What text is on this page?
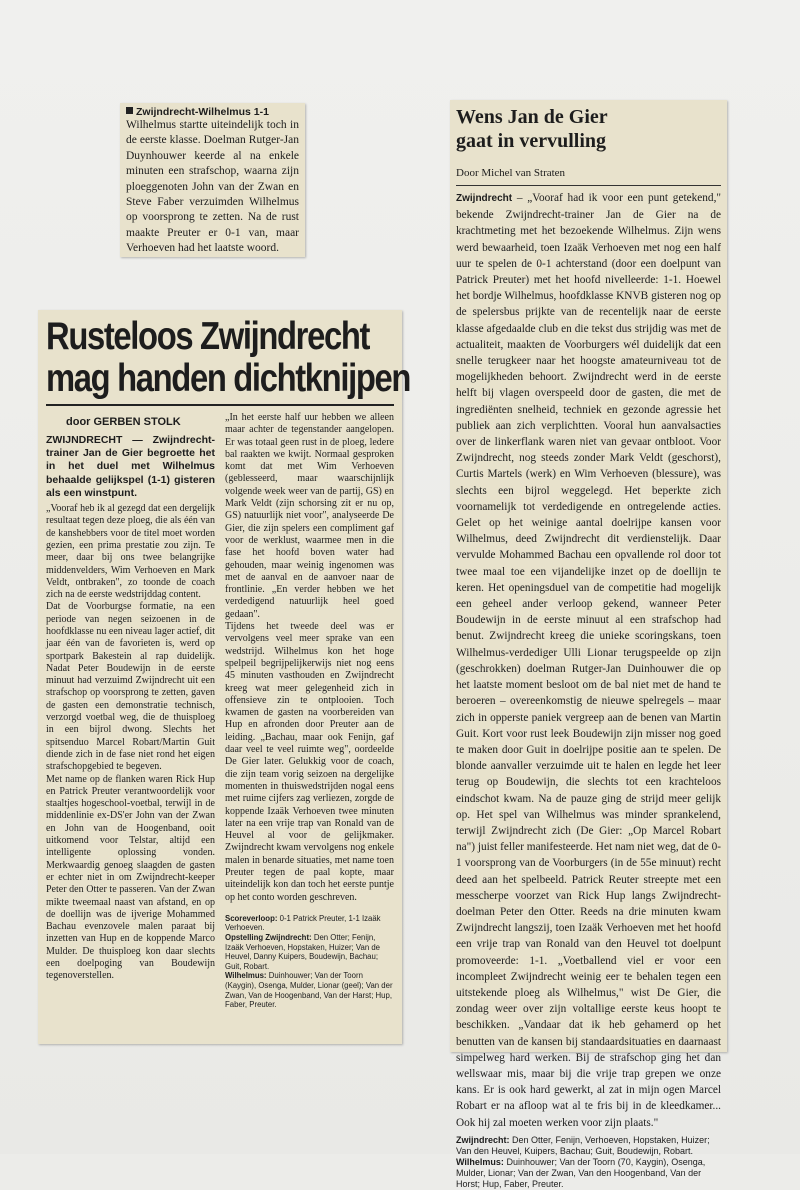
Zwijndrecht-Wilhelmus 1-1
Wilhelmus startte uiteindelijk toch in de eerste klasse. Doelman Rutger-Jan Duynhouwer keerde al na enkele minuten een strafschop, waarna zijn ploeggenoten John van der Zwan en Steve Faber verzuimden Wilhelmus op voorsprong te zetten. Na de rust maakte Preuter er 0-1 van, maar Verhoeven had het laatste woord.
Rusteloos Zwijndrecht
mag handen dichtknijpen
door GERBEN STOLK
ZWIJNDRECHT — Zwijndrecht-trainer Jan de Gier begroette het in het duel met Wilhelmus behaalde gelijkspel (1-1) gisteren als een winstpunt.

„Vooraf heb ik al gezegd dat een dergelijk resultaat tegen deze ploeg, die als één van de kanshebbers voor de titel moet worden gezien, een prima prestatie zou zijn. Te meer, daar bij ons twee belangrijke middenvelders, Wim Verhoeven en Mark Veldt, ontbraken", zo toonde de coach zich na de eerste wedstrijddag content.

Dat de Voorburgse formatie, na een periode van negen seizoenen in de hoofdklasse nu een niveau lager actief, dit jaar één van de favorieten is, werd op sportpark Bakestein al rap duidelijk. Nadat Peter Boudewijn in de eerste minuut had verzuimd Zwijndrecht uit een strafschop op voorsprong te zetten, gaven de gasten een demonstratie technisch, verzorgd voetbal weg, die de thuisploeg in een bijrol dwong. Slechts het spitsenduo Marcel Robart/Martin Guit diende zich in de fase niet rond het eigen strafschopgebied te begeven.

Met name op de flanken waren Rick Hup en Patrick Preuter verantwoordelijk voor staaltjes hogeschool-voetbal, terwijl in de middenlinie ex-DS'er John van der Zwan en John van de Hoogenband, ooit uitkomend voor Telstar, altijd een intelligente oplossing vonden. Merkwaardig genoeg slaagden de gasten er echter niet in om Zwijndrecht-keeper Peter den Otter te passeren. Van der Zwan mikte tweemaal naast van afstand, en op de doellijn was de ijverige Mohammed Bachau evenzovele malen paraat bij inzetten van Hup en de koppende Marco Mulder. De thuisploeg kon daar slechts een doelpoging van Boudewijn tegenoverstellen.

„In het eerste half uur hebben we alleen maar achter de tegenstander aangelopen. Er was totaal geen rust in de ploeg, ledere bal raakten we kwijt. Normaal gesproken komt dat met Wim Verhoeven (geblesseerd, maar waarschijnlijk volgende week weer van de partij, GS) en Mark Veldt (zijn schorsing zit er nu op, GS) natuurlijk niet voor", analyseerde De Gier, die zijn spelers een compliment gaf voor de werklust, waarmee men in die fase het hoofd boven water had gehouden, maar weinig ingenomen was met de aanval en de aanvoer naar de frontlinie. „En verder hebben we het verdedigend natuurlijk heel goed gedaan".

Tijdens het tweede deel was er vervolgens veel meer sprake van een wedstrijd. Wilhelmus kon het hoge spelpeil begrijpelijkerwijs niet nog eens 45 minuten vasthouden en Zwijndrecht kreeg wat meer gelegenheid zich in offensieve zin te ontplooien. Toch kwamen de gasten na voorbereiden van Hup en afronden door Preuter aan de leiding. „Bachau, maar ook Fenijn, gaf daar veel te veel ruimte weg", oordeelde De Gier later. Gelukkig voor de coach, die zijn team vorig seizoen na dergelijke momenten in thuiswedstrijden nogal eens met ruime cijfers zag verliezen, zorgde de koppende Izaäk Verhoeven twee minuten later na een vrije trap van Ronald van de Heuvel al voor de gelijkmaker. Zwijndrecht kwam vervolgens nog enkele malen in benarde situaties, met name toen Preuter tegen de paal kopte, maar uiteindelijk kon dan toch het eerste puntje op het conto worden geschreven.

Scoreverloop: 0-1 Patrick Preuter, 1-1 Izaäk Verhoeven.
Opstelling Zwijndrecht: Den Otter; Fenijn, Izaäk Verhoeven, Hopstaken, Huizer; Van de Heuvel, Danny Kuipers, Boudewijn, Bachau; Guit, Robart.
Wilhelmus: Duinhouwer; Van der Toorn (Kaygin), Osenga, Mulder, Lionar (geel); Van der Zwan, Van de Hoogenband, Van der Harst; Hup, Faber, Preuter.
Wens Jan de Gier
gaat in vervulling
Door Michel van Straten

Zwijndrecht – „Vooraf had ik voor een punt getekend," bekende Zwijndrecht-trainer Jan de Gier na de krachtmeting met het bezoekende Wilhelmus. Zijn wens werd bewaarheid, toen Izaäk Verhoeven met nog een half uur te spelen de 0-1 achterstand (door een doelpunt van Patrick Preuter) met het hoofd nivelleerde: 1-1. Hoewel het bordje Wilhelmus, hoofdklasse KNVB gisteren nog op de spelersbus prijkte van de recentelijk naar de eerste klasse afgedaalde club en die tekst dus strijdig was met de actualiteit, maakten de Voorburgers wél duidelijk dat een snelle terugkeer naar het hoogste amateurniveau tot de mogelijkheden behoort. Zwijndrecht werd in de eerste helft bij vlagen overspeeld door de gasten, die met de ingrediënten snelheid, techniek en gezonde agressie het publiek aan zich verplichtten. Vooral hun aanvalsacties over de linkerflank waren niet van gevaar ontbloot. Voor Zwijndrecht, nog steeds zonder Mark Veldt (geschorst), Curtis Martels (werk) en Wim Verhoeven (blessure), was slechts een bijrol weggelegd. Het beperkte zich voornamelijk tot verdedigende en ontregelende acties. Gelet op het weinige aantal doelrijpe kansen voor Wilhelmus, deed Zwijndrecht dit verdienstelijk. Daar vervulde Mohammed Bachau een opvallende rol door tot twee maal toe een vijandelijke inzet op de doellijn te keren. Het openingsduel van de competitie had mogelijk een geheel ander verloop gekend, wanneer Peter Boudewijn in de eerste minuut al een strafschop had benut. Zwijndrecht kreeg die unieke scoringskans, toen Wilhelmus-verdediger Ulli Lionar terugspeelde op zijn (geschrokken) doelman Rutger-Jan Duinhouwer die op het laatste moment besloot om de bal niet met de hand te beroeren – overeenkomstig de nieuwe spelregels – maar zich in opperste paniek vergreep aan de benen van Martin Guit. Kort voor rust leek Boudewijn zijn misser nog goed te maken door Guit in doelrijpe positie aan te spelen. De blonde aanvaller verzuimde uit te halen en legde het leer terug op Boudewijn, die slechts tot een krachteloos eindschot kwam. Na de pauze ging de strijd meer gelijk op. Het spel van Wilhelmus was minder sprankelend, terwijl Zwijndrecht zich (De Gier: „Op Marcel Robart na") juist feller manifesteerde. Het nam niet weg, dat de 0-1 voorsprong van de Voorburgers (in de 55e minuut) recht deed aan het spelbeeld. Patrick Reuter streepte met een messcherpe voorzet van Rick Hup langs Zwijndrecht-doelman Peter den Otter. Reeds na drie minuten kwam Zwijndrecht langszij, toen Izaäk Verhoeven met het hoofd een vrije trap van Ronald van den Heuvel tot doelpunt promoveerde: 1-1. „Voetballend viel er voor een incompleet Zwijndrecht weinig eer te behalen tegen een uitstekende ploeg als Wilhelmus," wist De Gier, die zondag weer over zijn voltallige eerste keus hoopt te beschikken. „Vandaar dat ik heb gehamerd op het benutten van de kansen bij standaardsituaties en daarnaast simpelweg hard werken. Bij de strafschop ging het dan wellswaar mis, maar bij die vrije trap grepen we onze kans. Er is ook hard gewerkt, al zat in mijn ogen Marcel Robart er na afloop wat al te fris bij in de kleedkamer... Ook hij zal moeten werken voor zijn plaats."

Zwijndrecht: Den Otter, Fenijn, Verhoeven, Hopstaken, Huizer; Van den Heuvel, Kuipers, Bachau; Guit, Boudewijn, Robart.
Wilhelmus: Duinhouwer; Van der Toorn (70, Kaygin), Osenga, Mulder, Lionar; Van der Zwan, Van den Hoogenband, Van der Horst; Hup, Faber, Preuter.
